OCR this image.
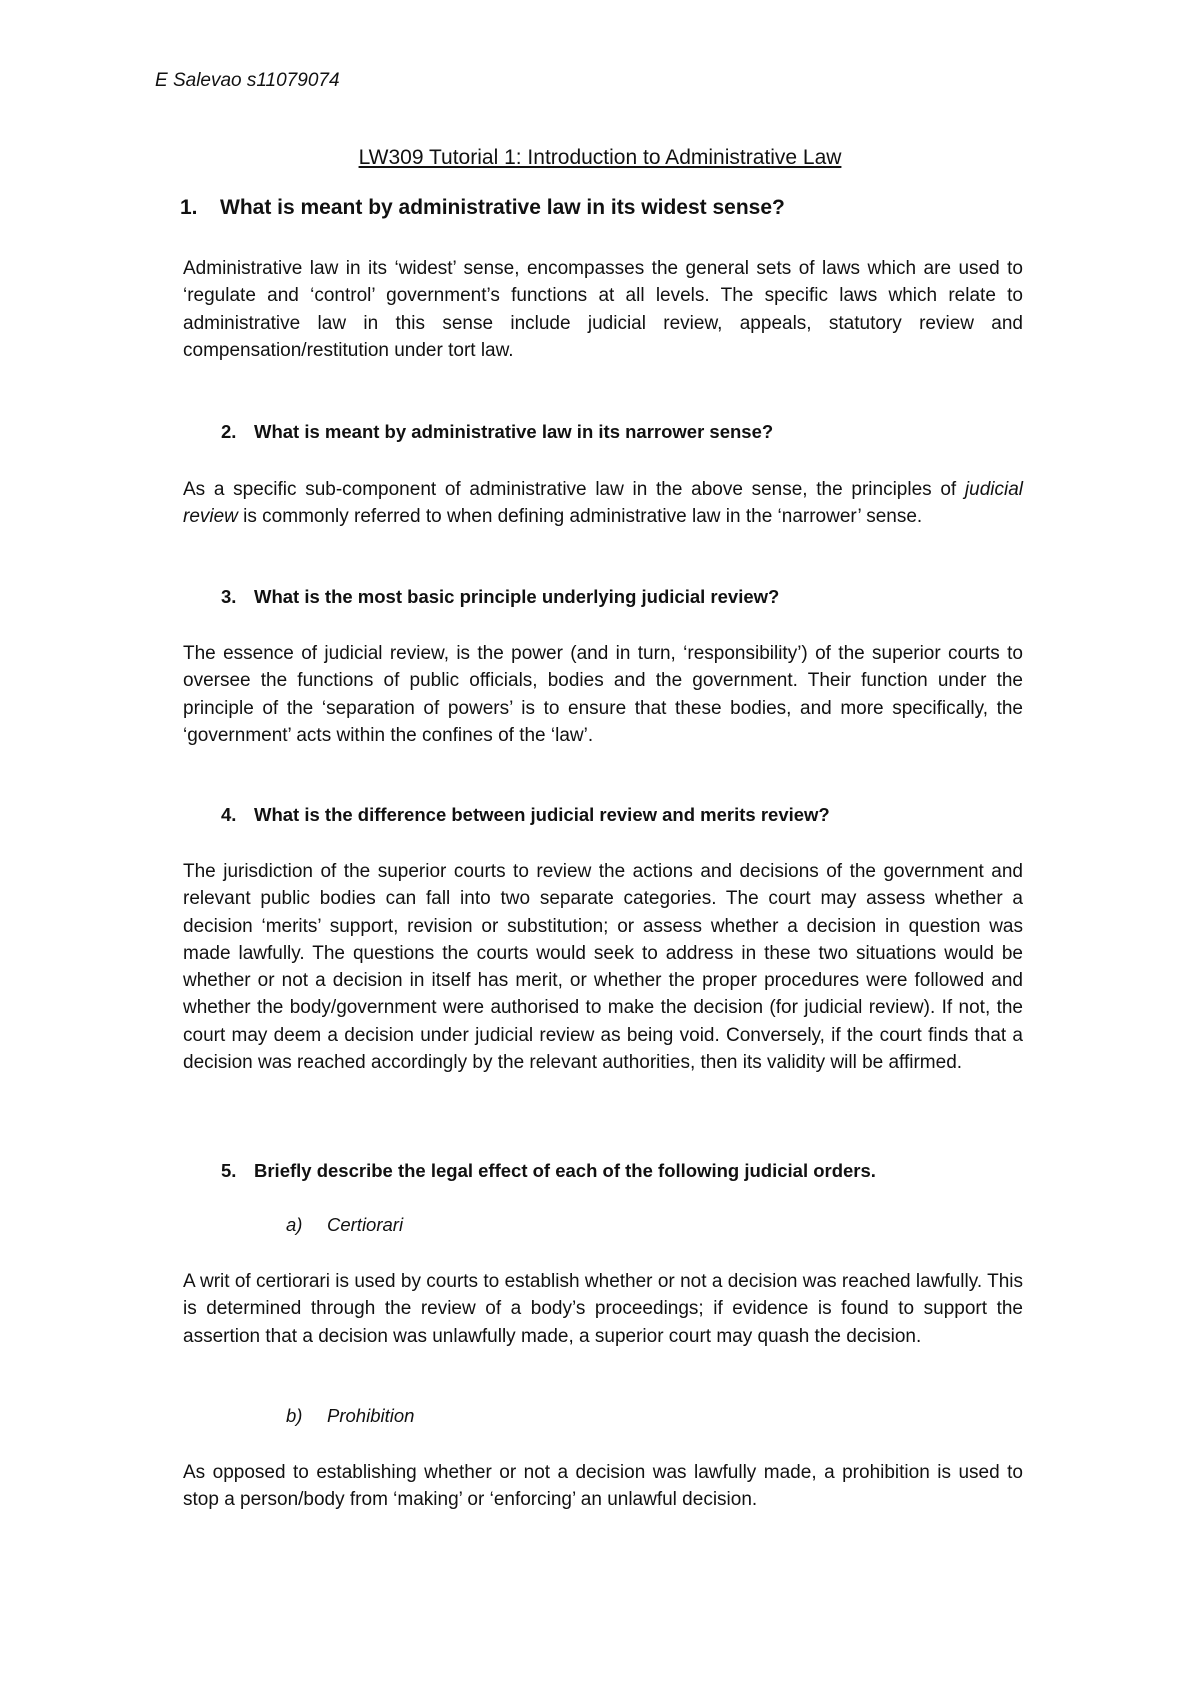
E Salevao s11079074
LW309 Tutorial 1: Introduction to Administrative Law
1. What is meant by administrative law in its widest sense?
Administrative law in its ‘widest’ sense, encompasses the general sets of laws which are used to ‘regulate and ‘control’ government’s functions at all levels. The specific laws which relate to administrative law in this sense include judicial review, appeals, statutory review and compensation/restitution under tort law.
2. What is meant by administrative law in its narrower sense?
As a specific sub-component of administrative law in the above sense, the principles of judicial review is commonly referred to when defining administrative law in the ‘narrower’ sense.
3. What is the most basic principle underlying judicial review?
The essence of judicial review, is the power (and in turn, ‘responsibility’) of the superior courts to oversee the functions of public officials, bodies and the government. Their function under the principle of the ‘separation of powers’ is to ensure that these bodies, and more specifically, the ‘government’ acts within the confines of the ‘law’.
4. What is the difference between judicial review and merits review?
The jurisdiction of the superior courts to review the actions and decisions of the government and relevant public bodies can fall into two separate categories. The court may assess whether a decision ‘merits’ support, revision or substitution; or assess whether a decision in question was made lawfully. The questions the courts would seek to address in these two situations would be whether or not a decision in itself has merit, or whether the proper procedures were followed and whether the body/government were authorised to make the decision (for judicial review). If not, the court may deem a decision under judicial review as being void. Conversely, if the court finds that a decision was reached accordingly by the relevant authorities, then its validity will be affirmed.
5. Briefly describe the legal effect of each of the following judicial orders.
a) Certiorari
A writ of certiorari is used by courts to establish whether or not a decision was reached lawfully. This is determined through the review of a body’s proceedings; if evidence is found to support the assertion that a decision was unlawfully made, a superior court may quash the decision.
b) Prohibition
As opposed to establishing whether or not a decision was lawfully made, a prohibition is used to stop a person/body from ‘making’ or ‘enforcing’ an unlawful decision.
